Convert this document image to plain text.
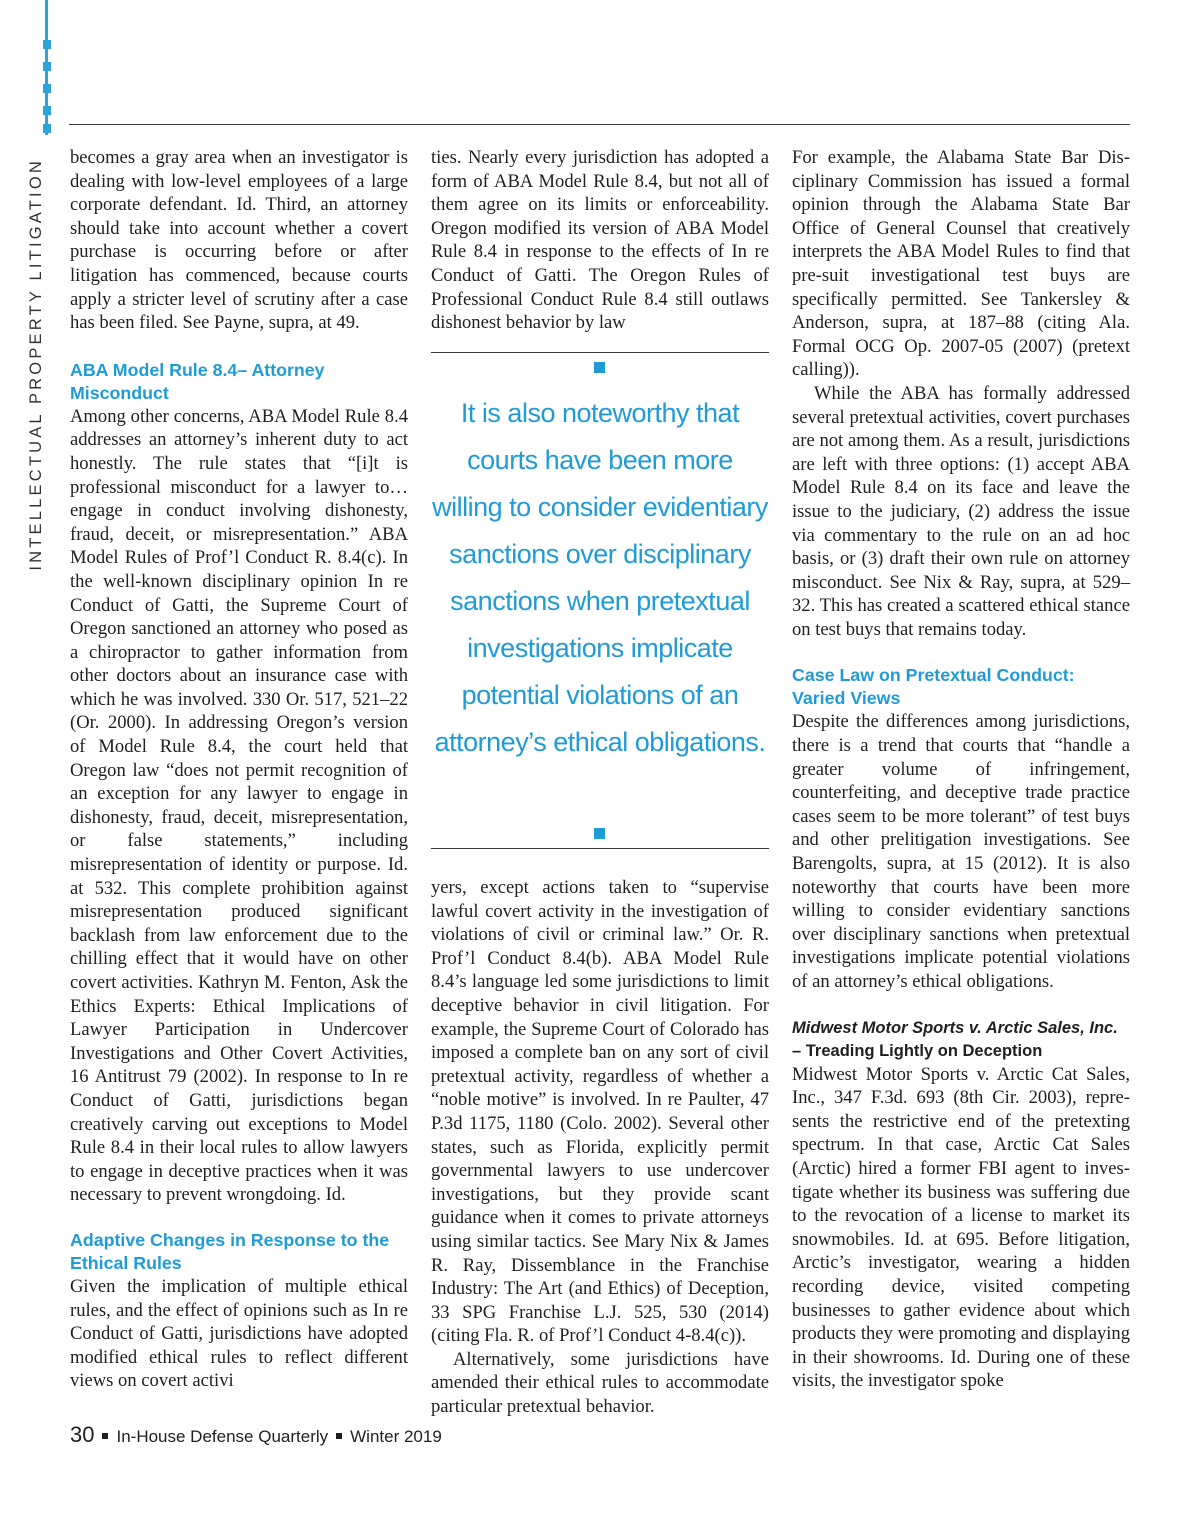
INTELLECTUAL PROPERTY LITIGATION

becomes a gray area when an investigator is dealing with low-level employees of a large corporate defendant. Id. Third, an attorney should take into account whether a covert purchase is occurring before or after litigation has commenced, because courts apply a stricter level of scrutiny after a case has been filed. See Payne, supra, at 49.

ABA Model Rule 8.4– Attorney Misconduct

Among other concerns, ABA Model Rule 8.4 addresses an attorney’s inherent duty to act honestly. The rule states that “[i]t is professional misconduct for a lawyer to… engage in conduct involving dishonesty, fraud, deceit, or misrepresentation.” ABA Model Rules of Prof’l Conduct R. 8.4(c). In the well-known disciplinary opinion In re Conduct of Gatti, the Supreme Court of Oregon sanctioned an attorney who posed as a chiropractor to gather information from other doctors about an insurance case with which he was involved. 330 Or. 517, 521–22 (Or. 2000). In addressing Oregon’s version of Model Rule 8.4, the court held that Oregon law “does not permit recognition of an exception for any lawyer to engage in dishonesty, fraud, deceit, misrepresentation, or false statements,” including misrepresentation of identity or purpose. Id. at 532. This complete prohibition against misrepresentation produced significant backlash from law enforcement due to the chilling effect that it would have on other covert activities. Kathryn M. Fenton, Ask the Ethics Experts: Ethical Implications of Lawyer Participation in Undercover Investigations and Other Covert Activities, 16 Antitrust 79 (2002). In response to In re Conduct of Gatti, jurisdictions began creatively carving out exceptions to Model Rule 8.4 in their local rules to allow lawyers to engage in deceptive practices when it was necessary to prevent wrongdoing. Id.

Adaptive Changes in Response to the Ethical Rules

Given the implication of multiple ethical rules, and the effect of opinions such as In re Conduct of Gatti, jurisdictions have adopted modified ethical rules to reflect different views on covert activi

ties. Nearly every jurisdiction has adopted a form of ABA Model Rule 8.4, but not all of them agree on its limits or enforceability. Oregon modified its version of ABA Model Rule 8.4 in response to the effects of In re Conduct of Gatti. The Oregon Rules of Professional Conduct Rule 8.4 still outlaws dishonest behavior by law

It is also noteworthy that courts have been more willing to consider evidentiary sanctions over disciplinary sanctions when pretextual investigations implicate potential violations of an attorney’s ethical obligations.

yers, except actions taken to “supervise lawful covert activity in the investigation of violations of civil or criminal law.” Or. R. Prof’l Conduct 8.4(b). ABA Model Rule 8.4’s language led some jurisdictions to limit deceptive behavior in civil litigation. For example, the Supreme Court of Colorado has imposed a complete ban on any sort of civil pretextual activity, regardless of whether a “noble motive” is involved. In re Paulter, 47 P.3d 1175, 1180 (Colo. 2002). Several other states, such as Florida, explicitly permit governmental lawyers to use undercover investigations, but they provide scant guidance when it comes to private attorneys using similar tactics. See Mary Nix & James R. Ray, Dissemblance in the Franchise Industry: The Art (and Ethics) of Deception, 33 SPG Franchise L.J. 525, 530 (2014) (citing Fla. R. of Prof’l Conduct 4-8.4(c)).

Alternatively, some jurisdictions have amended their ethical rules to accommodate particular pretextual behavior.

For example, the Alabama State Bar Disciplinary Commission has issued a formal opinion through the Alabama State Bar Office of General Counsel that creatively interprets the ABA Model Rules to find that pre-suit investigational test buys are specifically permitted. See Tankersley & Anderson, supra, at 187–88 (citing Ala. Formal OCG Op. 2007-05 (2007) (pretext calling)).

While the ABA has formally addressed several pretextual activities, covert purchases are not among them. As a result, jurisdictions are left with three options: (1) accept ABA Model Rule 8.4 on its face and leave the issue to the judiciary, (2) address the issue via commentary to the rule on an ad hoc basis, or (3) draft their own rule on attorney misconduct. See Nix & Ray, supra, at 529–32. This has created a scattered ethical stance on test buys that remains today.

Case Law on Pretextual Conduct: Varied Views

Despite the differences among jurisdictions, there is a trend that courts that “handle a greater volume of infringement, counterfeiting, and deceptive trade practice cases seem to be more tolerant” of test buys and other prelitigation investigations. See Barengolts, supra, at 15 (2012). It is also noteworthy that courts have been more willing to consider evidentiary sanctions over disciplinary sanctions when pretextual investigations implicate potential violations of an attorney’s ethical obligations.

Midwest Motor Sports v. Arctic Sales, Inc. – Treading Lightly on Deception

Midwest Motor Sports v. Arctic Cat Sales, Inc., 347 F.3d. 693 (8th Cir. 2003), represents the restrictive end of the pretexting spectrum. In that case, Arctic Cat Sales (Arctic) hired a former FBI agent to investigate whether its business was suffering due to the revocation of a license to market its snowmobiles. Id. at 695. Before litigation, Arctic’s investigator, wearing a hidden recording device, visited competing businesses to gather evidence about which products they were promoting and displaying in their showrooms. Id. During one of these visits, the investigator spoke

30 In-House Defense Quarterly Winter 2019
